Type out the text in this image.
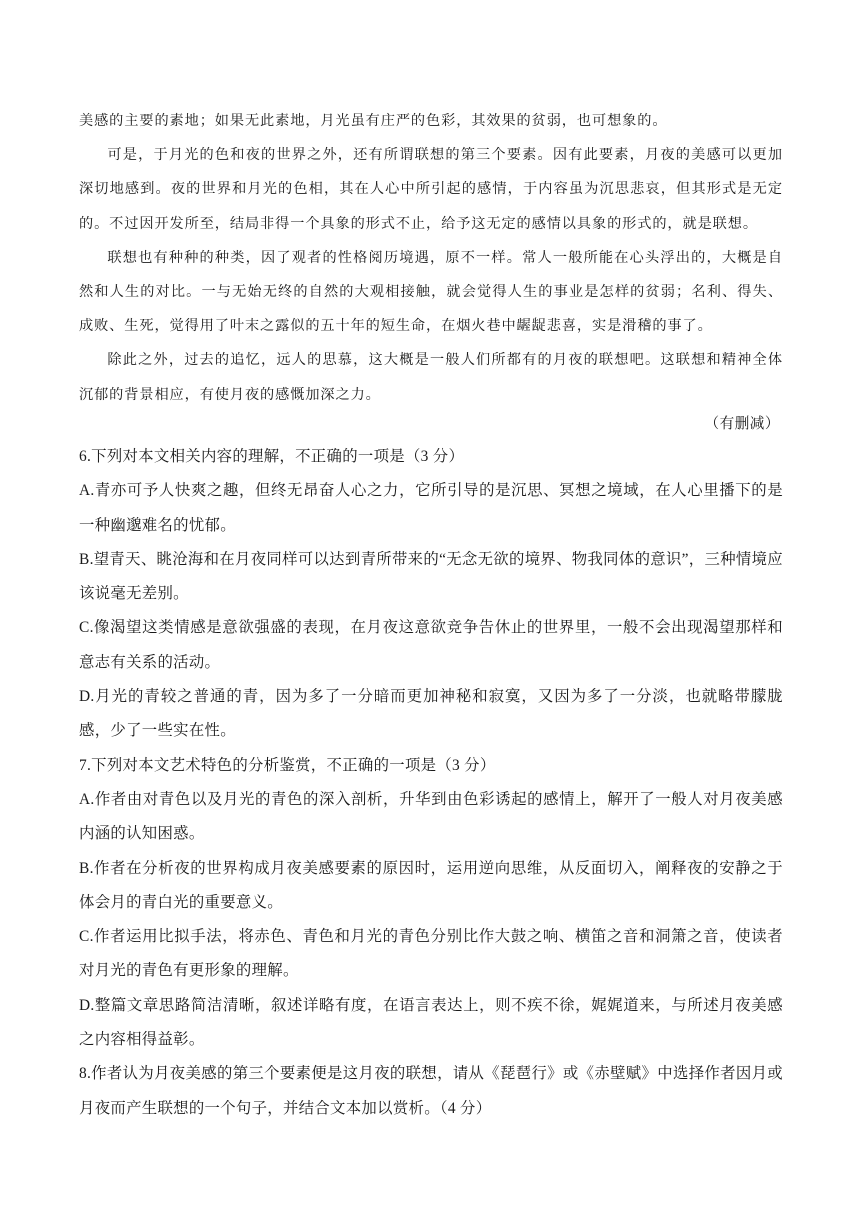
美感的主要的素地；如果无此素地，月光虽有庄严的色彩，其效果的贫弱，也可想象的。

可是，于月光的色和夜的世界之外，还有所谓联想的第三个要素。因有此要素，月夜的美感可以更加深切地感到。夜的世界和月光的色相，其在人心中所引起的感情，于内容虽为沉思悲哀，但其形式是无定的。不过因开发所至，结局非得一个具象的形式不止，给予这无定的感情以具象的形式的，就是联想。

联想也有种种的种类，因了观者的性格阅历境遇，原不一样。常人一般所能在心头浮出的，大概是自然和人生的对比。一与无始无终的自然的大观相接触，就会觉得人生的事业是怎样的贫弱；名利、得失、成败、生死，觉得用了叶末之露似的五十年的短生命，在烟火巷中龌龊悲喜，实是滑稽的事了。

除此之外，过去的追忆，远人的思慕，这大概是一般人们所都有的月夜的联想吧。这联想和精神全体沉郁的背景相应，有使月夜的感慨加深之力。

（有删减）

6.下列对本文相关内容的理解，不正确的一项是（3 分）

A.青亦可予人快爽之趣，但终无昂奋人心之力，它所引导的是沉思、冥想之境域，在人心里播下的是一种幽邈难名的忧郁。

B.望青天、眺沧海和在月夜同样可以达到青所带来的“无念无欲的境界、物我同体的意识”，三种情境应该说毫无差别。

C.像渴望这类情感是意欲强盛的表现，在月夜这意欲竞争告休止的世界里，一般不会出现渴望那样和意志有关系的活动。

D.月光的青较之普通的青，因为多了一分暗而更加神秘和寂寞，又因为多了一分淡，也就略带朦胧感，少了一些实在性。

7.下列对本文艺术特色的分析鉴赏，不正确的一项是（3 分）

A.作者由对青色以及月光的青色的深入剖析，升华到由色彩诱起的感情上，解开了一般人对月夜美感内涵的认知困惑。

B.作者在分析夜的世界构成月夜美感要素的原因时，运用逆向思维，从反面切入，阐释夜的安静之于体会月的青白光的重要意义。

C.作者运用比拟手法，将赤色、青色和月光的青色分别比作大鼓之响、横笛之音和洞箫之音，使读者对月光的青色有更形象的理解。

D.整篇文章思路简洁清晰，叙述详略有度，在语言表达上，则不疾不徐，娓娓道来，与所述月夜美感之内容相得益彰。

8.作者认为月夜美感的第三个要素便是这月夜的联想，请从《琵琶行》或《赤壁赋》中选择作者因月或月夜而产生联想的一个句子，并结合文本加以赏析。（4 分）
